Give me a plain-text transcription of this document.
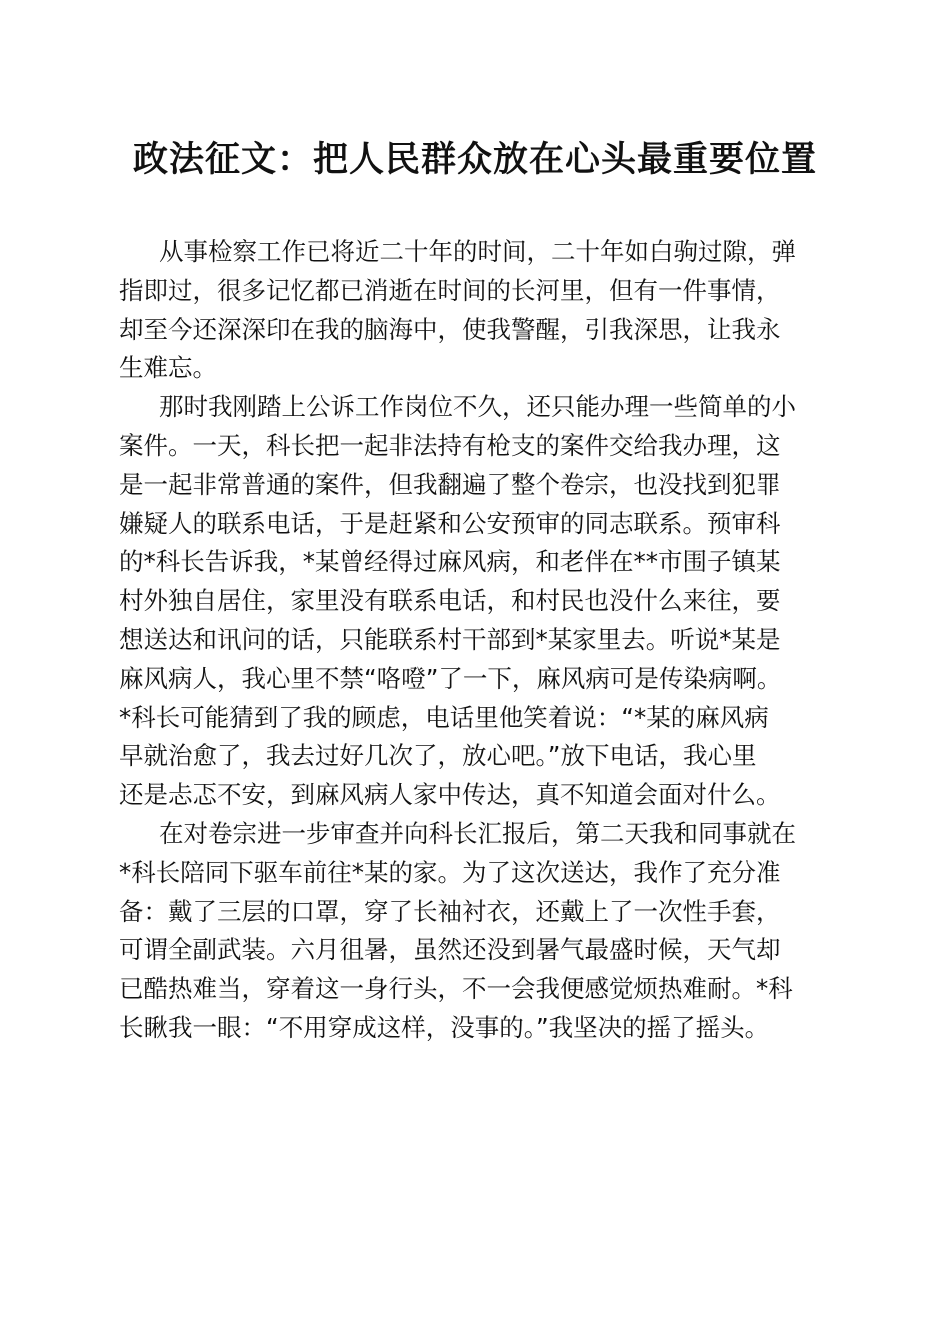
政法征文：把人民群众放在心头最重要位置
从事检察工作已将近二十年的时间，二十年如白驹过隙，弹
指即过，很多记忆都已消逝在时间的长河里，但有一件事情，
却至今还深深印在我的脑海中，使我警醒，引我深思，让我永
生难忘。
那时我刚踏上公诉工作岗位不久，还只能办理一些简单的小
案件。一天，科长把一起非法持有枪支的案件交给我办理，这
是一起非常普通的案件，但我翻遍了整个卷宗，也没找到犯罪
嫌疑人的联系电话，于是赶紧和公安预审的同志联系。预审科
的*科长告诉我，*某曾经得过麻风病，和老伴在**市围子镇某
村外独自居住，家里没有联系电话，和村民也没什么来往，要
想送达和讯问的话，只能联系村干部到*某家里去。听说*某是
麻风病人，我心里不禁“咯噔”了一下，麻风病可是传染病啊。
*科长可能猜到了我的顾虑，电话里他笑着说：“*某的麻风病
早就治愈了，我去过好几次了，放心吧。”放下电话，我心里
还是忐忑不安，到麻风病人家中传达，真不知道会面对什么。
在对卷宗进一步审查并向科长汇报后，第二天我和同事就在
*科长陪同下驱车前往*某的家。为了这次送达，我作了充分准
备：戴了三层的口罩，穿了长袖衬衣，还戴上了一次性手套，
可谓全副武装。六月徂暑，虽然还没到暑气最盛时候，天气却
已酷热难当，穿着这一身行头，不一会我便感觉烦热难耐。*科
长瞅我一眼：“不用穿成这样，没事的。”我坚决的摇了摇头。
